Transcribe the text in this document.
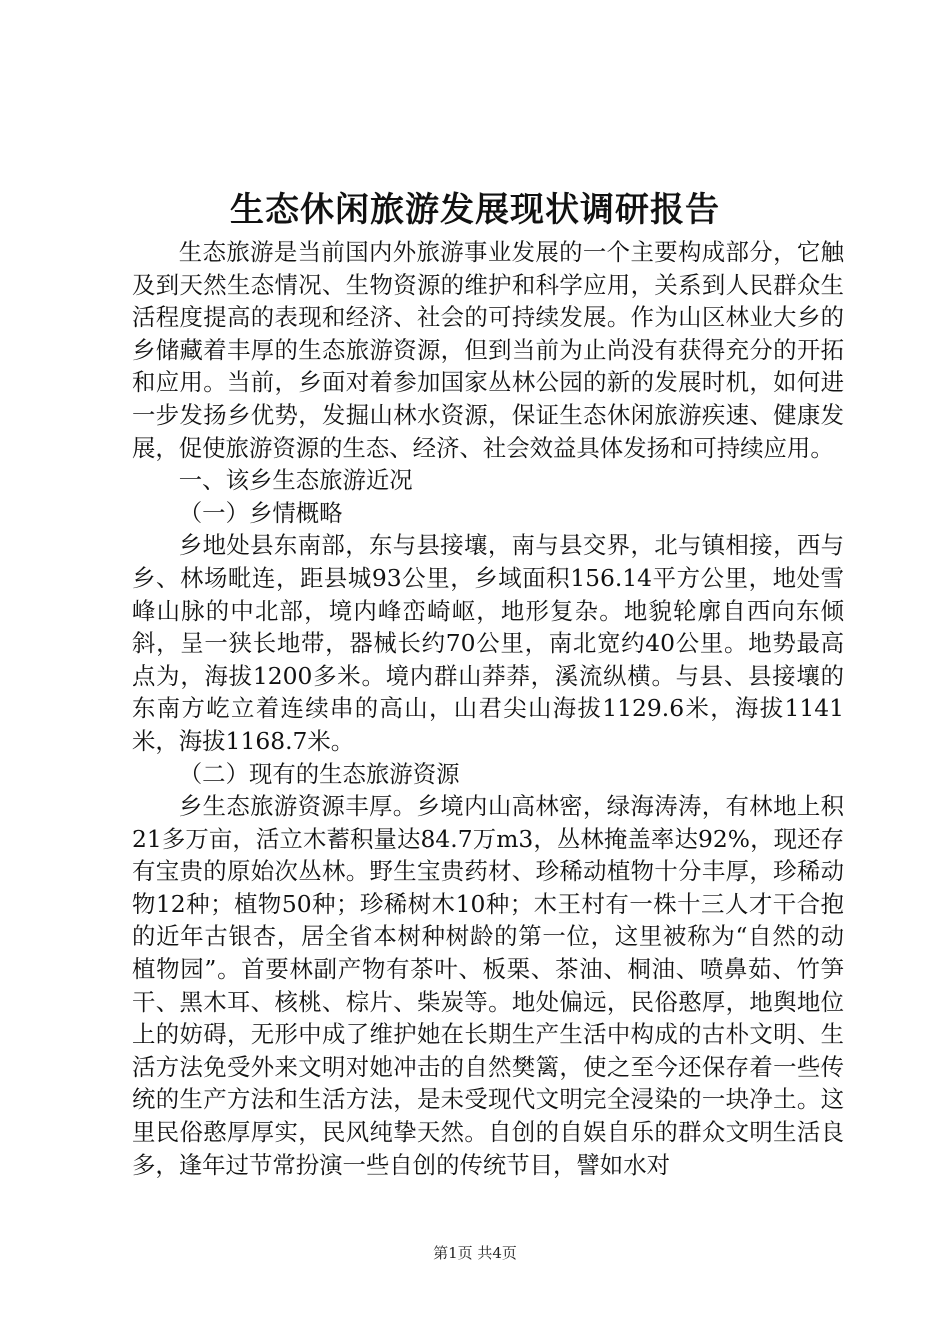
生态休闲旅游发展现状调研报告

生态旅游是当前国内外旅游事业发展的一个主要构成部分，它触及到天然生态情况、生物资源的维护和科学应用，关系到人民群众生活程度提高的表现和经济、社会的可持续发展。作为山区林业大乡的乡储藏着丰厚的生态旅游资源，但到当前为止尚没有获得充分的开拓和应用。当前，乡面对着参加国家丛林公园的新的发展时机，如何进一步发扬乡优势，发掘山林水资源，保证生态休闲旅游疾速、健康发展，促使旅游资源的生态、经济、社会效益具体发扬和可持续应用。

一、该乡生态旅游近况

（一）乡情概略

乡地处县东南部，东与县接壤，南与县交界，北与镇相接，西与乡、林场毗连，距县城93公里，乡域面积156.14平方公里，地处雪峰山脉的中北部，境内峰峦崎岖，地形复杂。地貌轮廓自西向东倾斜，呈一狭长地带，器械长约70公里，南北宽约40公里。地势最高点为，海拔1200多米。境内群山莽莽，溪流纵横。与县、县接壤的东南方屹立着连续串的高山，山君尖山海拔1129.6米，海拔1141米，海拔1168.7米。

（二）现有的生态旅游资源

乡生态旅游资源丰厚。乡境内山高林密，绿海涛涛，有林地上积21多万亩，活立木蓄积量达84.7万m3，丛林掩盖率达92%，现还存有宝贵的原始次丛林。野生宝贵药材、珍稀动植物十分丰厚，珍稀动物12种；植物50种；珍稀树木10种；木王村有一株十三人才干合抱的近年古银杏，居全省本树种树龄的第一位，这里被称为“自然的动植物园”。首要林副产物有茶叶、板栗、茶油、桐油、喷鼻茹、竹笋干、黑木耳、核桃、棕片、柴炭等。地处偏远，民俗憨厚，地舆地位上的妨碍，无形中成了维护她在长期生产生活中构成的古朴文明、生活方法免受外来文明对她冲击的自然樊篱，使之至今还保存着一些传统的生产方法和生活方法，是未受现代文明完全浸染的一块净土。这里民俗憨厚厚实，民风纯挚天然。自创的自娱自乐的群众文明生活良多，逢年过节常扮演一些自创的传统节目，譬如水对

第1页 共4页
